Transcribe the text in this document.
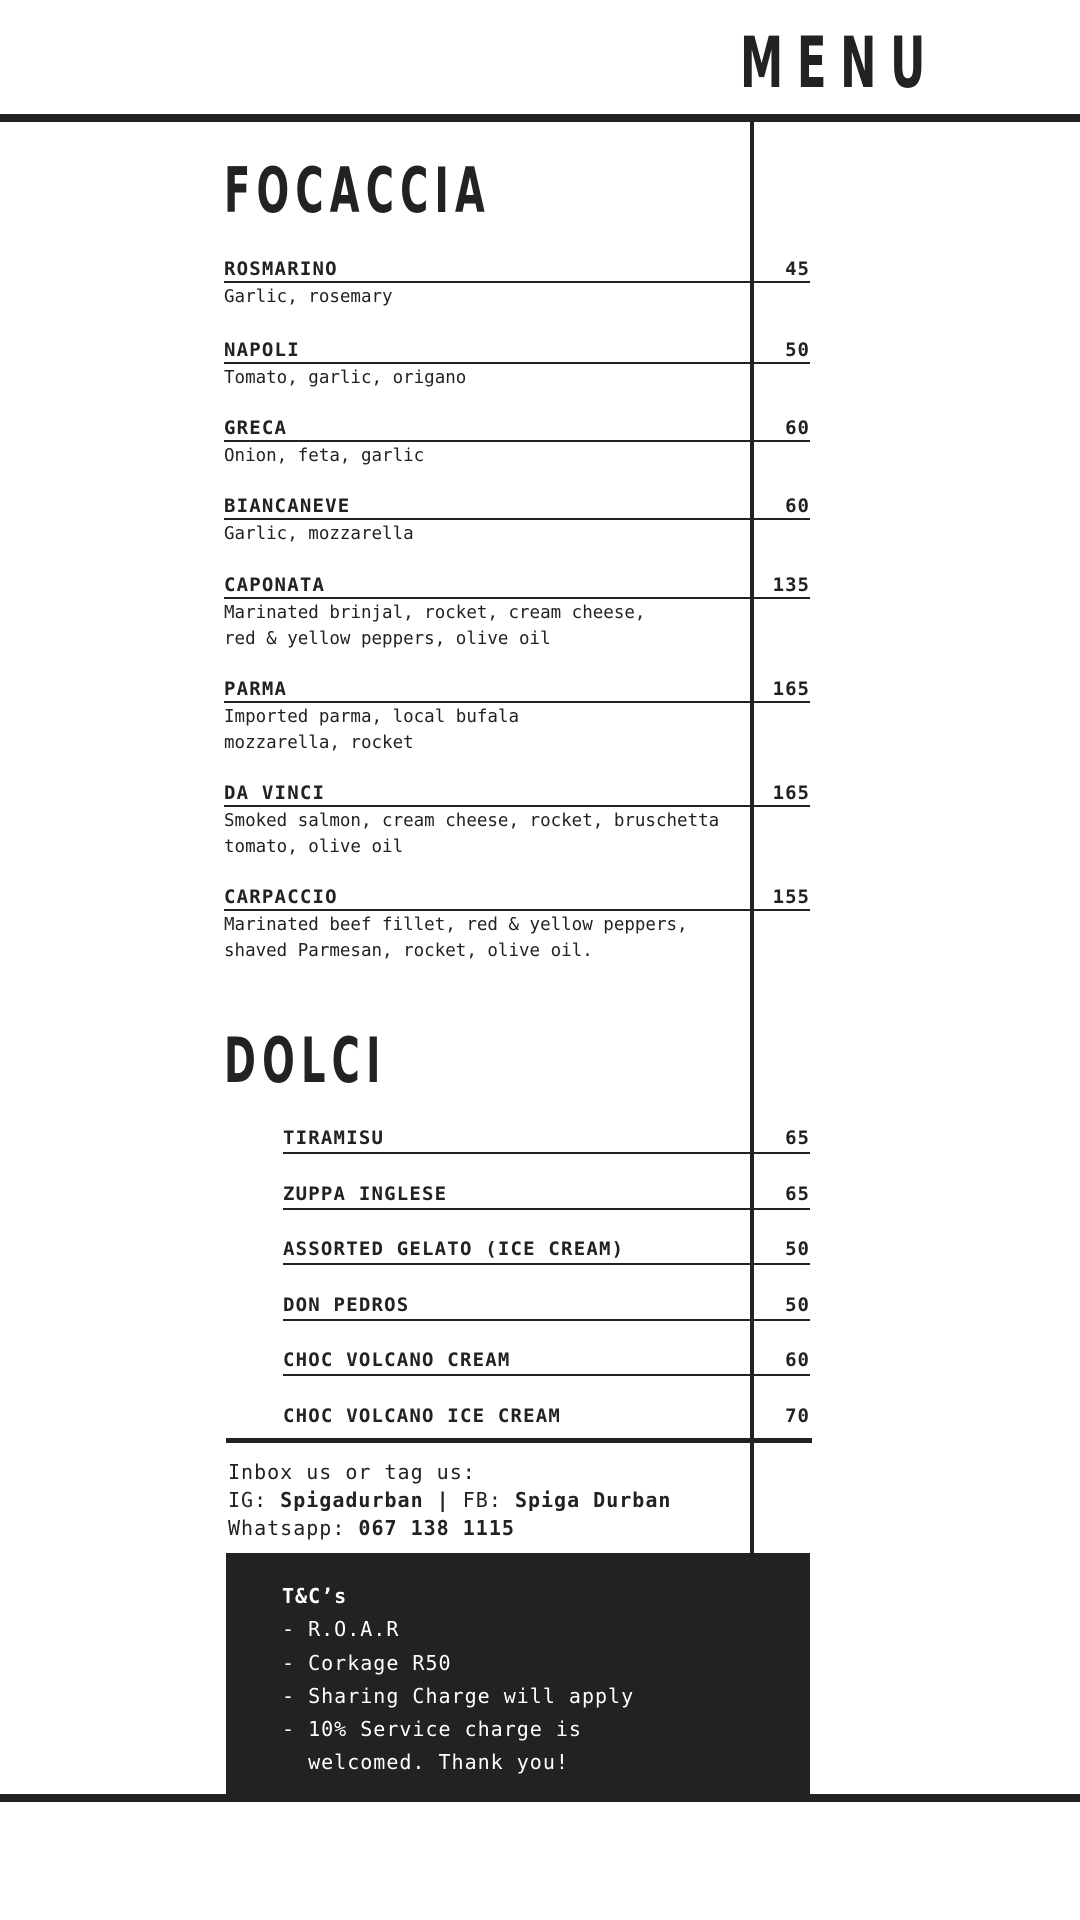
MENU
FOCACCIA
ROSMARINO	45
Garlic, rosemary
NAPOLI	50
Tomato, garlic, origano
GRECA	60
Onion, feta, garlic
BIANCANEVE	60
Garlic, mozzarella
CAPONATA	135
Marinated brinjal, rocket, cream cheese,
red & yellow peppers, olive oil
PARMA	165
Imported parma, local bufala
mozzarella, rocket
DA VINCI	165
Smoked salmon, cream cheese, rocket, bruschetta
tomato, olive oil
CARPACCIO	155
Marinated beef fillet, red & yellow peppers,
shaved Parmesan, rocket, olive oil.
DOLCI
TIRAMISU	65
ZUPPA INGLESE	65
ASSORTED GELATO (ICE CREAM)	50
DON PEDROS	50
CHOC VOLCANO CREAM	60
CHOC VOLCANO ICE CREAM	70
Inbox us or tag us:
IG: Spigadurban | FB: Spiga Durban
Whatsapp: 067 138 1115
T&C’s
- R.O.A.R
- Corkage R50
- Sharing Charge will apply
- 10% Service charge is
welcomed. Thank you!
